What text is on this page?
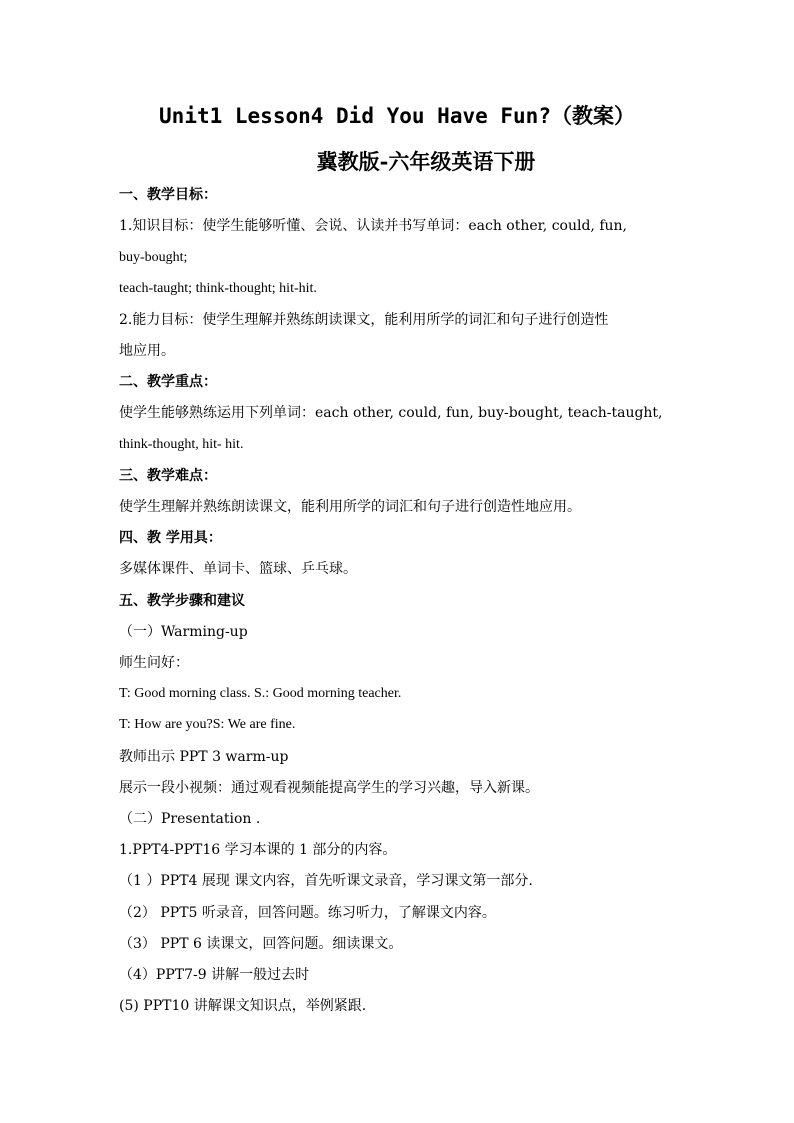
Unit1 Lesson4 Did You Have Fun?（教案）
冀教版-六年级英语下册
一、教学目标：
1.知识目标：使学生能够听懂、会说、认读并书写单词：each other, could, fun,
buy-bought;
teach-taught; think-thought; hit-hit.
2.能力目标：使学生理解并熟练朗读课文，能利用所学的词汇和句子进行创造性
地应用。
二、教学重点：
使学生能够熟练运用下列单词：each other, could, fun, buy-bought, teach-taught,
think-thought, hit- hit.
三、教学难点：
使学生理解并熟练朗读课文，能利用所学的词汇和句子进行创造性地应用。
四、教 学用具：
多媒体课件、单词卡、篮球、乒乓球。
五、教学步骤和建议
（一）Warming-up
师生问好：
T: Good morning class. S.: Good morning teacher.
T: How are you?S: We are fine.
教师出示 PPT 3 warm-up
展示一段小视频：通过观看视频能提高学生的学习兴趣，导入新课。
（二）Presentation .
1.PPT4-PPT16 学习本课的 1 部分的内容。
（1 ）PPT4 展现 课文内容，首先听课文录音，学习课文第一部分.
（2） PPT5 听录音，回答问题。练习听力，了解课文内容。
（3） PPT 6 读课文，回答问题。细读课文。
（4）PPT7-9 讲解一般过去时
(5) PPT10 讲解课文知识点，举例紧跟.
